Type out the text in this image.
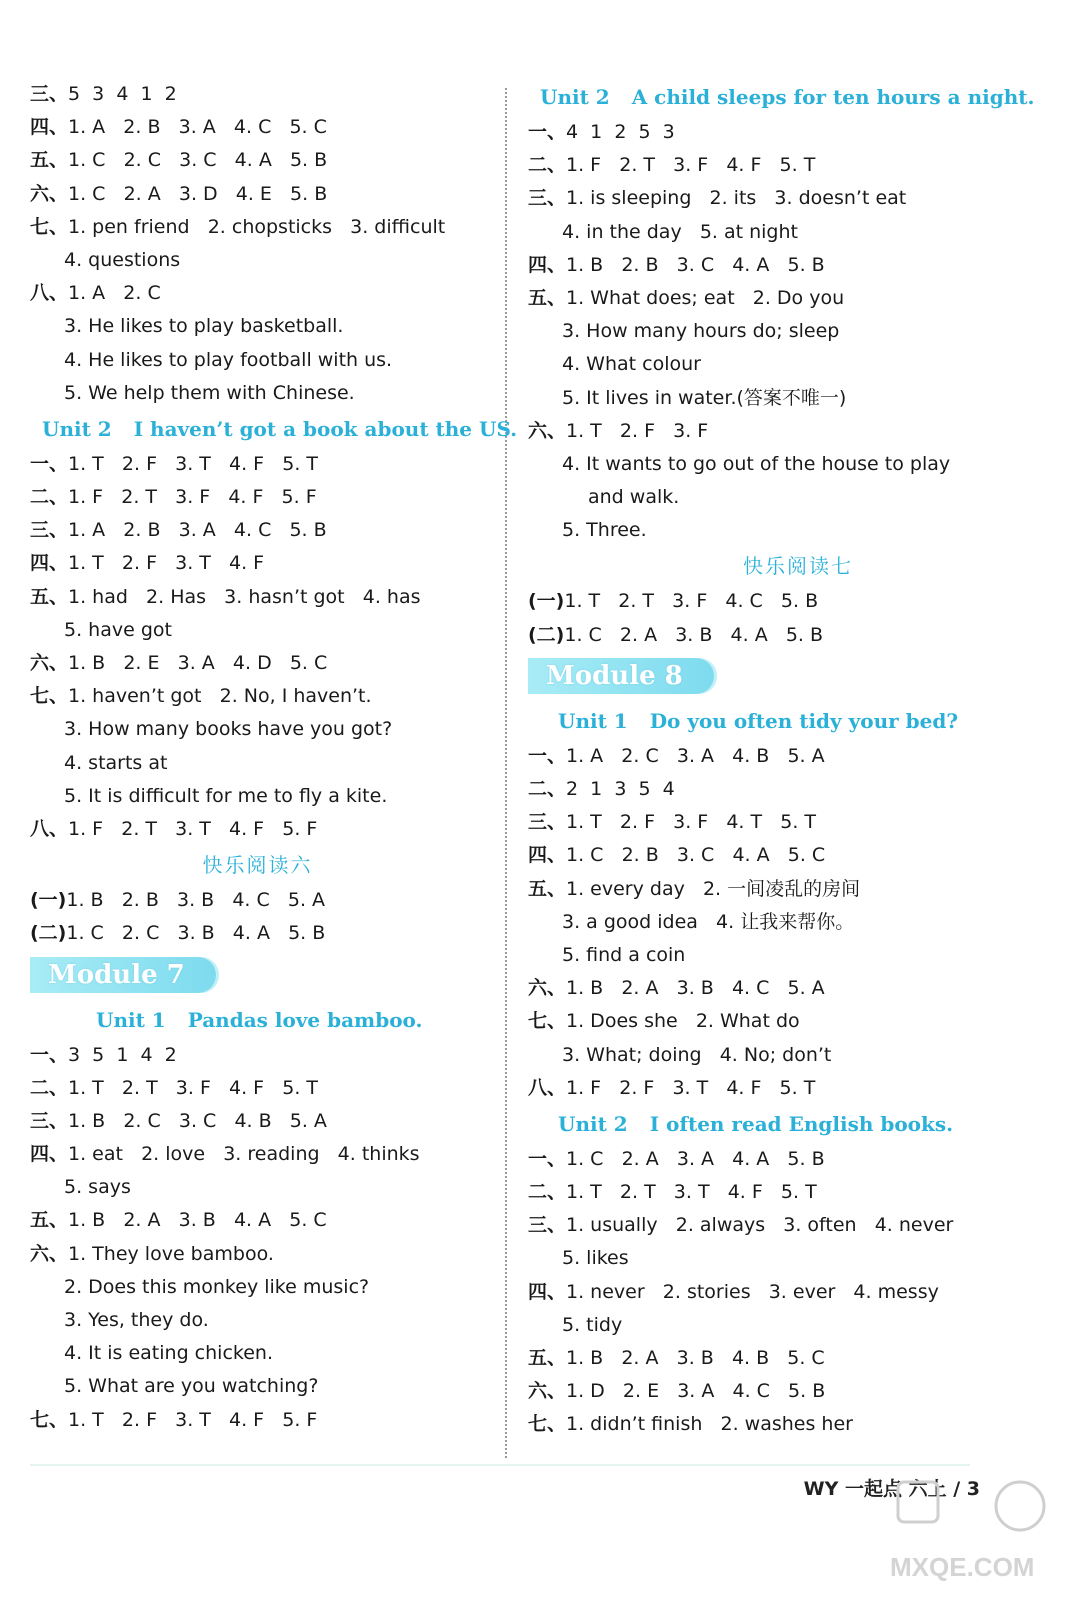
三、5  3  4  1  2
四、1. A   2. B   3. A   4. C   5. C
五、1. C   2. C   3. C   4. A   5. B
六、1. C   2. A   3. D   4. E   5. B
七、1. pen friend   2. chopsticks   3. difficult
4. questions
八、1. A   2. C
3. He likes to play basketball.
4. He likes to play football with us.
5. We help them with Chinese.
Unit 2 I haven’t got a book about the US.
一、1. T   2. F   3. T   4. F   5. T
二、1. F   2. T   3. F   4. F   5. F
三、1. A   2. B   3. A   4. C   5. B
四、1. T   2. F   3. T   4. F
五、1. had   2. Has   3. hasn’t got   4. has
5. have got
六、1. B   2. E   3. A   4. D   5. C
七、1. haven’t got   2. No, I haven’t.
3. How many books have you got?
4. starts at
5. It is difficult for me to fly a kite.
八、1. F   2. T   3. T   4. F   5. F
快乐阅读六
(一)1. B   2. B   3. B   4. C   5. A
(二)1. C   2. C   3. B   4. A   5. B
Module 7
Unit 1 Pandas love bamboo.
一、3  5  1  4  2
二、1. T   2. T   3. F   4. F   5. T
三、1. B   2. C   3. C   4. B   5. A
四、1. eat   2. love   3. reading   4. thinks
5. says
五、1. B   2. A   3. B   4. A   5. C
六、1. They love bamboo.
2. Does this monkey like music?
3. Yes, they do.
4. It is eating chicken.
5. What are you watching?
七、1. T   2. F   3. T   4. F   5. F
Unit 2 A child sleeps for ten hours a night.
一、4  1  2  5  3
二、1. F   2. T   3. F   4. F   5. T
三、1. is sleeping   2. its   3. doesn’t eat
4. in the day   5. at night
四、1. B   2. B   3. C   4. A   5. B
五、1. What does; eat   2. Do you
3. How many hours do; sleep
4. What colour
5. It lives in water.(答案不唯一)
六、1. T   2. F   3. F
4. It wants to go out of the house to play
and walk.
5. Three.
快乐阅读七
(一)1. T   2. T   3. F   4. C   5. B
(二)1. C   2. A   3. B   4. A   5. B
Module 8
Unit 1 Do you often tidy your bed?
一、1. A   2. C   3. A   4. B   5. A
二、2  1  3  5  4
三、1. T   2. F   3. F   4. T   5. T
四、1. C   2. B   3. C   4. A   5. C
五、1. every day   2. 一间凌乱的房间
3. a good idea   4. 让我来帮你。
5. find a coin
六、1. B   2. A   3. B   4. C   5. A
七、1. Does she   2. What do
3. What; doing   4. No; don’t
八、1. F   2. F   3. T   4. F   5. T
Unit 2 I often read English books.
一、1. C   2. A   3. A   4. A   5. B
二、1. T   2. T   3. T   4. F   5. T
三、1. usually   2. always   3. often   4. never
5. likes
四、1. never   2. stories   3. ever   4. messy
5. tidy
五、1. B   2. A   3. B   4. B   5. C
六、1. D   2. E   3. A   4. C   5. B
七、1. didn’t finish   2. washes her
WY 一起点 六上 / 3
MXQE.COM
